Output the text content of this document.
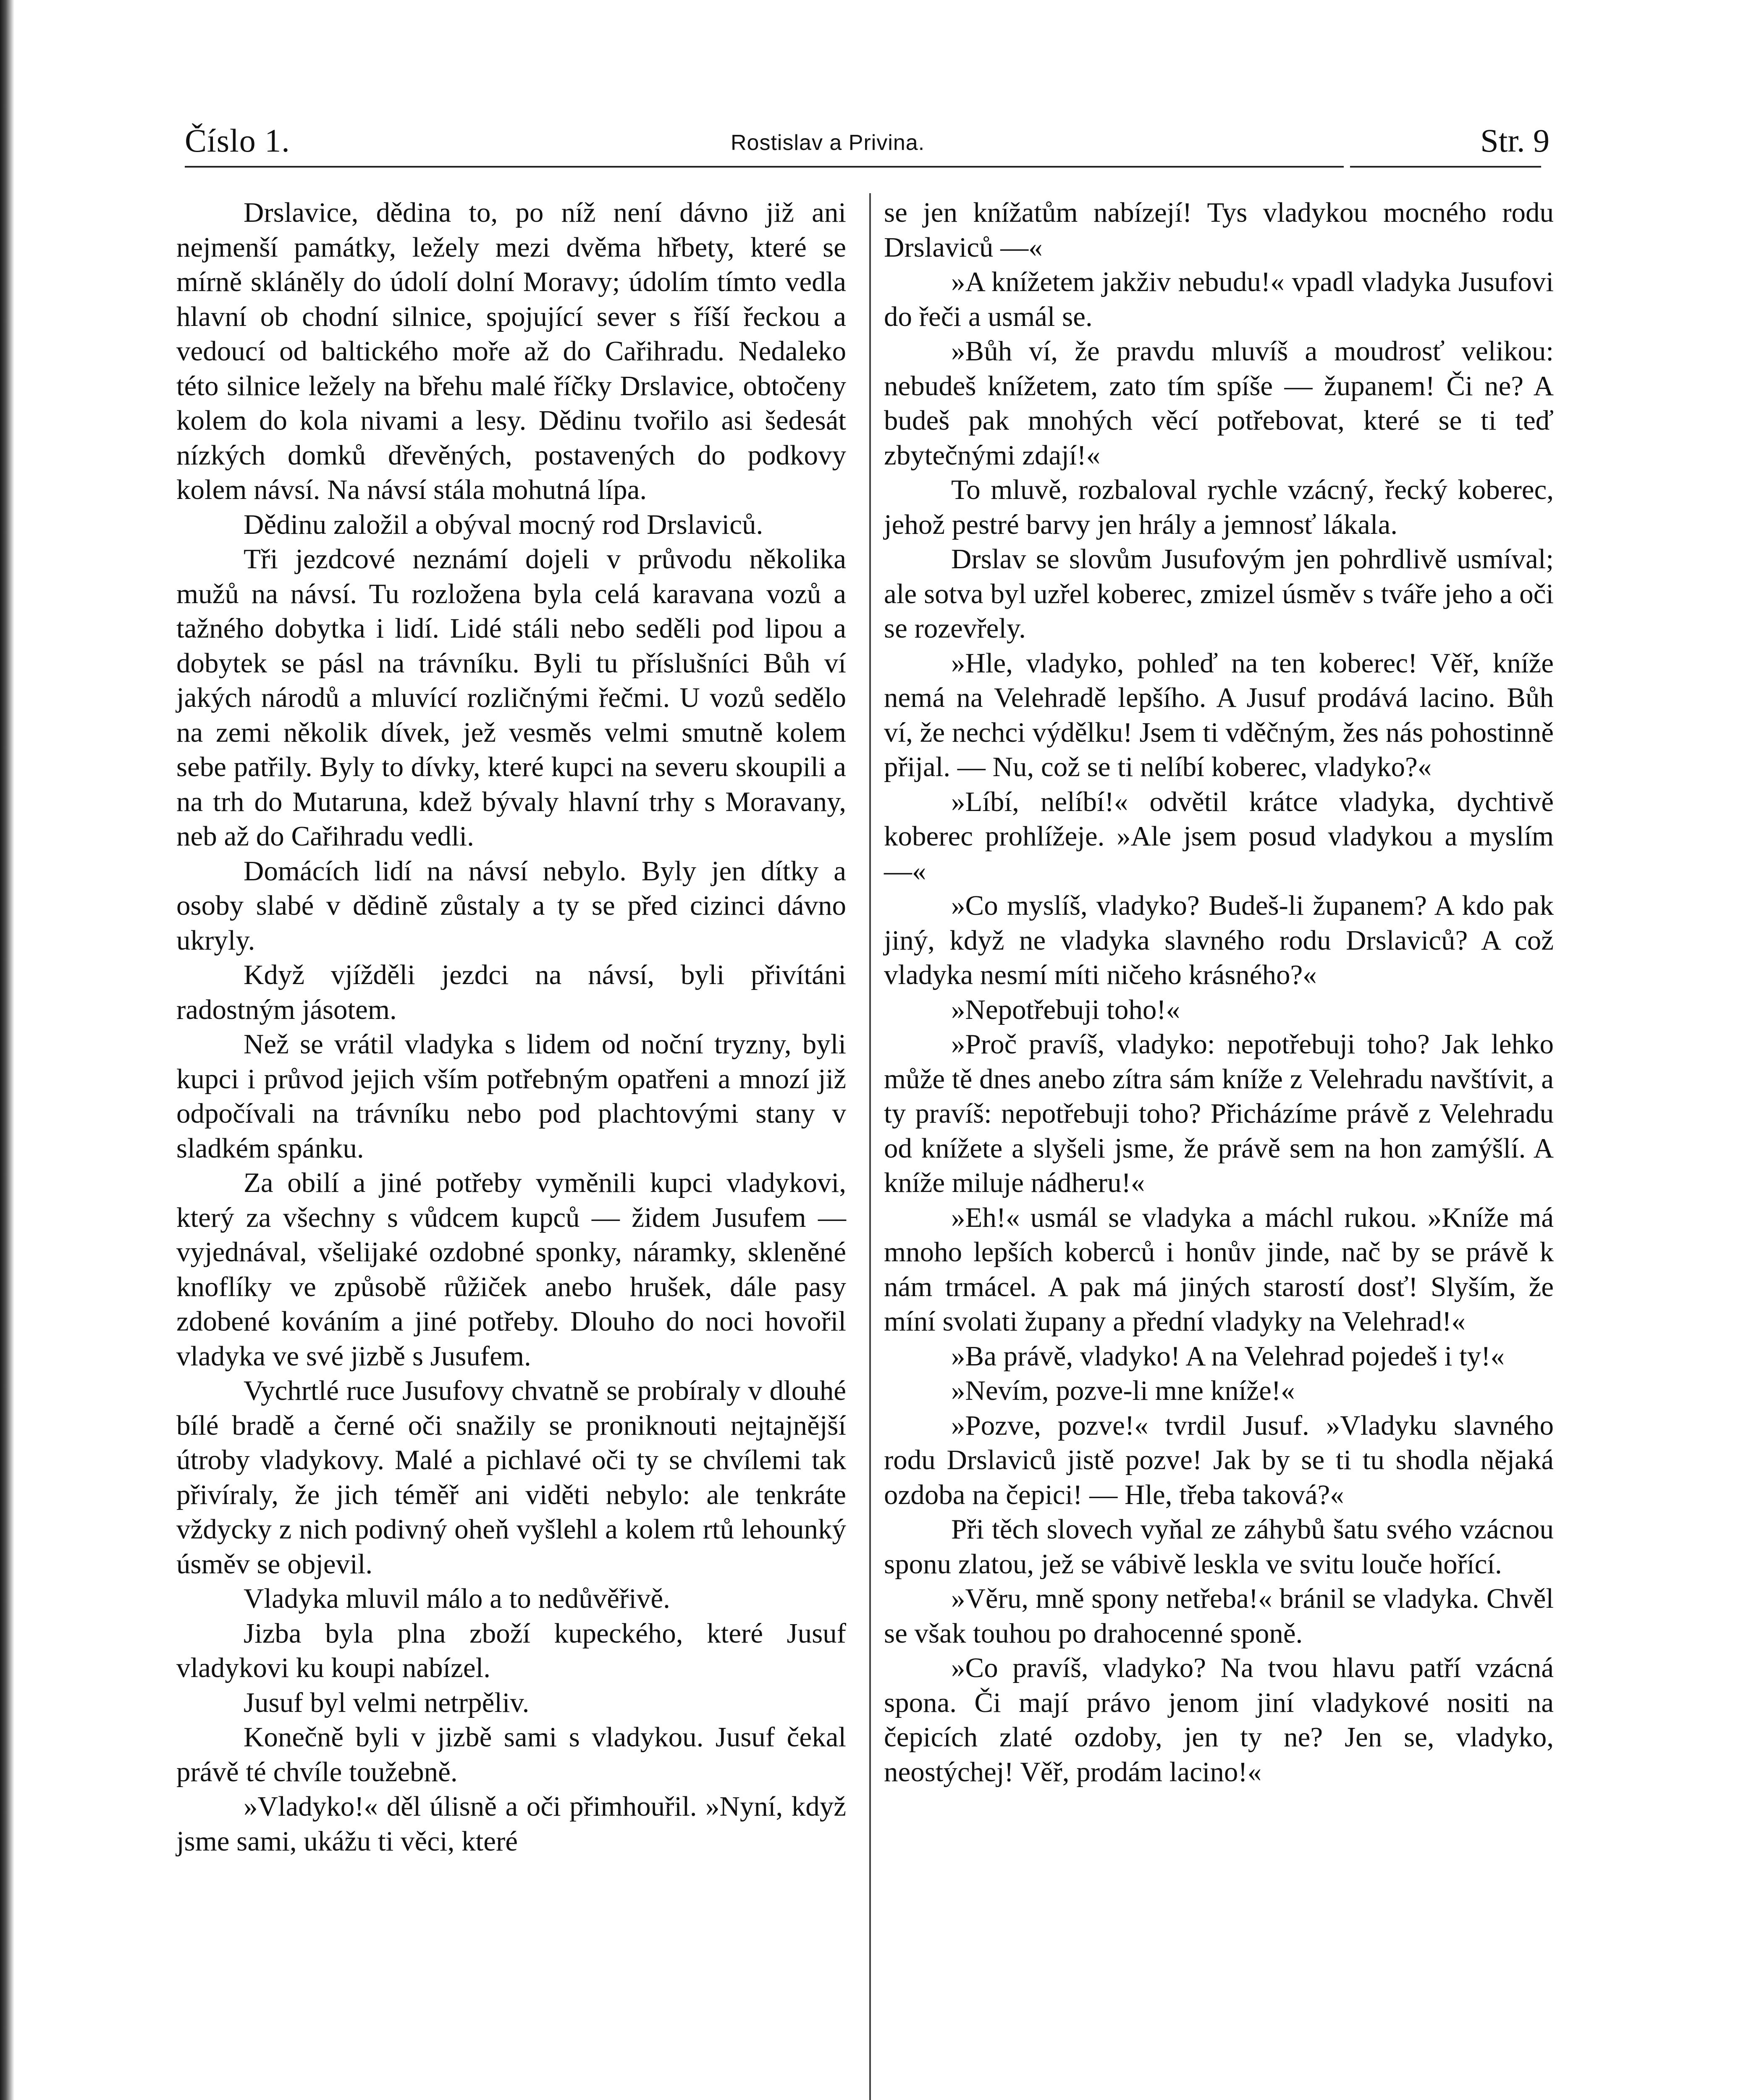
Číslo 1.	Rostislav a Privina.	Str. 9

Drslavice, dědina to, po níž není dávno již ani nejmenší památky, ležely mezi dvěma hřbety, které se mírně skláněly do údolí dolní Moravy; údolím tímto vedla hlavní ob chodní silnice, spojující sever s říší řeckou a vedoucí od baltického moře až do Cařihradu. Nedaleko této silnice ležely na břehu malé říčky Drslavice, obtočeny kolem do kola nivami a lesy. Dědinu tvořilo asi šedesát nízkých domků dřevěných, postavených do podkovy kolem návsí. Na návsí stála mohutná lípa.

Dědinu založil a obýval mocný rod Drslaviců.

Tři jezdcové neznámí dojeli v průvodu několika mužů na návsí. Tu rozložena byla celá karavana vozů a tažného dobytka i lidí. Lidé stáli nebo seděli pod lipou a dobytek se pásl na trávníku. Byli tu příslušníci Bůh ví jakých národů a mluvící rozličnými řečmi. U vozů sedělo na zemi několik dívek, jež vesměs velmi smutně kolem sebe patřily. Byly to dívky, které kupci na severu skoupili a na trh do Mutaruna, kdež bývaly hlavní trhy s Moravany, neb až do Cařihradu vedli.

Domácích lidí na návsí nebylo. Byly jen dítky a osoby slabé v dědině zůstaly a ty se před cizinci dávno ukryly.

Když vjížděli jezdci na návsí, byli přivítáni radostným jásotem.

Než se vrátil vladyka s lidem od noční tryzny, byli kupci i průvod jejich vším potřebným opatřeni a mnozí již odpočívali na trávníku nebo pod plachtovými stany v sladkém spánku.

Za obilí a jiné potřeby vyměnili kupci vladykovi, který za všechny s vůdcem kupců — židem Jusufem — vyjednával, všelijaké ozdobné sponky, náramky, skleněné knoflíky ve způsobě růžiček anebo hrušek, dále pasy zdobené kováním a jiné potřeby. Dlouho do noci hovořil vladyka ve své jizbě s Jusufem.

Vychrtlé ruce Jusufovy chvatně se probíraly v dlouhé bílé bradě a černé oči snažily se proniknouti nejtajnější útroby vladykovy. Malé a pichlavé oči ty se chvílemi tak přivíraly, že jich téměř ani viděti nebylo: ale tenkráte vždycky z nich podivný oheň vyšlehl a kolem rtů lehounký úsměv se objevil.

Vladyka mluvil málo a to nedůvěřivě.

Jizba byla plna zboží kupeckého, které Jusuf vladykovi ku koupi nabízel.

Jusuf byl velmi netrpěliv.

Konečně byli v jizbě sami s vladykou. Jusuf čekal právě té chvíle toužebně.

»Vladyko!« děl úlisně a oči přimhouřil. »Nyní, když jsme sami, ukážu ti věci, které

se jen knížatům nabízejí! Tys vladykou mocného rodu Drslaviců —«

»A knížetem jakživ nebudu!« vpadl vladyka Jusufovi do řeči a usmál se.

»Bůh ví, že pravdu mluvíš a moudrosť velikou: nebudeš knížetem, zato tím spíše — županem! Či ne? A budeš pak mnohých věcí potřebovat, které se ti teď zbytečnými zdají!«

To mluvě, rozbaloval rychle vzácný, řecký koberec, jehož pestré barvy jen hrály a jemnosť lákala.

Drslav se slovům Jusufovým jen pohrdlivě usmíval; ale sotva byl uzřel koberec, zmizel úsměv s tváře jeho a oči se rozevřely.

»Hle, vladyko, pohleď na ten koberec! Věř, kníže nemá na Velehradě lepšího. A Jusuf prodává lacino. Bůh ví, že nechci výdělku! Jsem ti vděčným, žes nás pohostinně přijal. — Nu, což se ti nelíbí koberec, vladyko?«

»Líbí, nelíbí!« odvětil krátce vladyka, dychtivě koberec prohlížeje. »Ale jsem posud vladykou a myslím —«

»Co myslíš, vladyko? Budeš-li županem? A kdo pak jiný, když ne vladyka slavného rodu Drslaviců? A což vladyka nesmí míti ničeho krásného?«

»Nepotřebuji toho!«

»Proč pravíš, vladyko: nepotřebuji toho? Jak lehko může tě dnes anebo zítra sám kníže z Velehradu navštívit, a ty pravíš: nepotřebuji toho? Přicházíme právě z Velehradu od knížete a slyšeli jsme, že právě sem na hon zamýšlí. A kníže miluje nádheru!«

»Eh!« usmál se vladyka a máchl rukou. »Kníže má mnoho lepších koberců i honův jinde, nač by se právě k nám trmácel. A pak má jiných starostí dosť! Slyším, že míní svolati župany a přední vladyky na Velehrad!«

»Ba právě, vladyko! A na Velehrad pojedeš i ty!«

»Nevím, pozve-li mne kníže!«

»Pozve, pozve!« tvrdil Jusuf. »Vladyku slavného rodu Drslaviců jistě pozve! Jak by se ti tu shodla nějaká ozdoba na čepici! — Hle, třeba taková?«

Při těch slovech vyňal ze záhybů šatu svého vzácnou sponu zlatou, jež se vábivě leskla ve svitu louče hořící.

»Věru, mně spony netřeba!« bránil se vladyka. Chvěl se však touhou po drahocenné sponě.

»Co pravíš, vladyko? Na tvou hlavu patří vzácná spona. Či mají právo jenom jiní vladykové nositi na čepicích zlaté ozdoby, jen ty ne? Jen se, vladyko, neostýchej! Věř, prodám lacino!«
